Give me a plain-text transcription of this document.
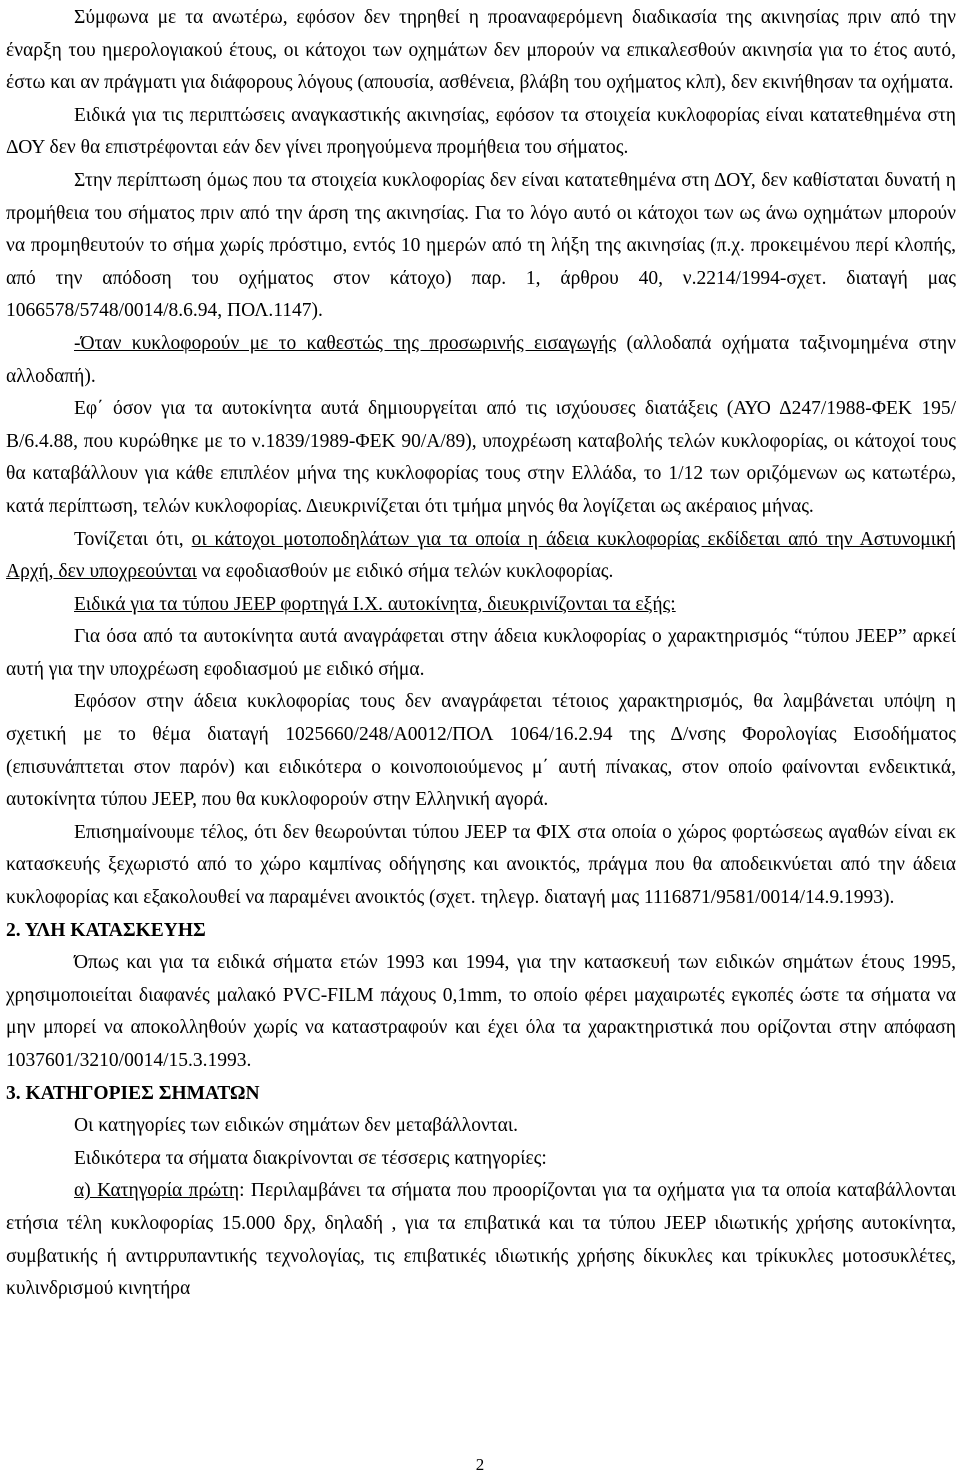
Σύμφωνα με τα ανωτέρω, εφόσον δεν τηρηθεί η προαναφερόμενη διαδικασία της ακινησίας πριν από την έναρξη του ημερολογιακού έτους, οι κάτοχοι των οχημάτων δεν μπορούν να επικαλεσθούν ακινησία για το έτος αυτό, έστω και αν πράγματι για διάφορους λόγους (απουσία, ασθένεια, βλάβη του οχήματος κλπ), δεν εκινήθησαν τα οχήματα.

Ειδικά για τις περιπτώσεις αναγκαστικής ακινησίας, εφόσον τα στοιχεία κυκλοφορίας είναι κατατεθημένα στη ΔΟΥ δεν θα επιστρέφονται εάν δεν γίνει προηγούμενα προμήθεια του σήματος.

Στην περίπτωση όμως που τα στοιχεία κυκλοφορίας δεν είναι κατατεθημένα στη ΔΟΥ, δεν καθίσταται δυνατή η προμήθεια του σήματος πριν από την άρση της ακινησίας. Για το λόγο αυτό οι κάτοχοι των ως άνω οχημάτων μπορούν να προμηθευτούν το σήμα χωρίς πρόστιμο, εντός 10 ημερών από τη λήξη της ακινησίας (π.χ. προκειμένου περί κλοπής, από την απόδοση του οχήματος στον κάτοχο) παρ. 1, άρθρου 40, ν.2214/1994-σχετ. διαταγή μας 1066578/5748/0014/8.6.94, ΠΟΛ.1147).

-Όταν κυκλοφορούν με το καθεστώς της προσωρινής εισαγωγής (αλλοδαπά οχήματα ταξινομημένα στην αλλοδαπή).

Εφ΄ όσον για τα αυτοκίνητα αυτά δημιουργείται από τις ισχύουσες διατάξεις (ΑΥΟ Δ247/1988-ΦΕΚ 195/Β/6.4.88, που κυρώθηκε με το ν.1839/1989-ΦΕΚ 90/Α/89), υποχρέωση καταβολής τελών κυκλοφορίας, οι κάτοχοί τους θα καταβάλλουν για κάθε επιπλέον μήνα της κυκλοφορίας τους στην Ελλάδα, το 1/12 των οριζόμενων ως κατωτέρω, κατά περίπτωση, τελών κυκλοφορίας. Διευκρινίζεται ότι τμήμα μηνός θα λογίζεται ως ακέραιος μήνας.

Τονίζεται ότι, οι κάτοχοι μοτοποδηλάτων για τα οποία η άδεια κυκλοφορίας εκδίδεται από την Αστυνομική Αρχή, δεν υποχρεούνται να εφοδιασθούν με ειδικό σήμα τελών κυκλοφορίας.

Ειδικά για τα τύπου JEEP φορτηγά Ι.Χ. αυτοκίνητα, διευκρινίζονται τα εξής:

Για όσα από τα αυτοκίνητα αυτά αναγράφεται στην άδεια κυκλοφορίας ο χαρακτηρισμός “τύπου JEEP” αρκεί αυτή για την υποχρέωση εφοδιασμού με ειδικό σήμα.

Εφόσον στην άδεια κυκλοφορίας τους δεν αναγράφεται τέτοιος χαρακτηρισμός, θα λαμβάνεται υπόψη η σχετική με το θέμα διαταγή 1025660/248/Α0012/ΠΟΛ 1064/16.2.94 της Δ/νσης Φορολογίας Εισοδήματος (επισυνάπτεται στον παρόν) και ειδικότερα ο κοινοποιούμενος μ΄ αυτή πίνακας, στον οποίο φαίνονται ενδεικτικά, αυτοκίνητα τύπου JEEP, που θα κυκλοφορούν στην Ελληνική αγορά.

Επισημαίνουμε τέλος, ότι δεν θεωρούνται τύπου JEEP τα ΦΙΧ στα οποία ο χώρος φορτώσεως αγαθών είναι εκ κατασκευής ξεχωριστό από το χώρο καμπίνας οδήγησης και ανοικτός, πράγμα που θα αποδεικνύεται από την άδεια κυκλοφορίας και εξακολουθεί να παραμένει ανοικτός (σχετ. τηλεγρ. διαταγή μας 1116871/9581/0014/14.9.1993).

2. ΥΛΗ ΚΑΤΑΣΚΕΥΗΣ

Όπως και για τα ειδικά σήματα ετών 1993 και 1994, για την κατασκευή των ειδικών σημάτων έτους 1995, χρησιμοποιείται διαφανές μαλακό PVC-FILM πάχους 0,1mm, το οποίο φέρει μαχαιρωτές εγκοπές ώστε τα σήματα να μην μπορεί να αποκολληθούν χωρίς να καταστραφούν και έχει όλα τα χαρακτηριστικά που ορίζονται στην απόφαση 1037601/3210/0014/15.3.1993.

3. ΚΑΤΗΓΟΡΙΕΣ ΣΗΜΑΤΩΝ

Οι κατηγορίες των ειδικών σημάτων δεν μεταβάλλονται.

Ειδικότερα τα σήματα διακρίνονται σε τέσσερις κατηγορίες:

α) Κατηγορία πρώτη: Περιλαμβάνει τα σήματα που προορίζονται για τα οχήματα για τα οποία καταβάλλονται ετήσια τέλη κυκλοφορίας 15.000 δρχ, δηλαδή , για τα επιβατικά και τα τύπου JEEP ιδιωτικής χρήσης αυτοκίνητα, συμβατικής ή αντιρρυπαντικής τεχνολογίας, τις επιβατικές ιδιωτικής χρήσης δίκυκλες και τρίκυκλες μοτοσυκλέτες, κυλινδρισμού κινητήρα

2
